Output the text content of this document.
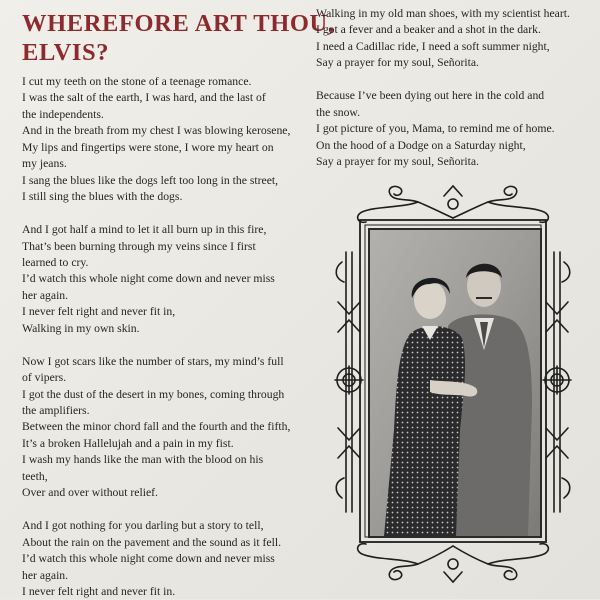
WHEREFORE ART THOU,
ELVIS?

I cut my teeth on the stone of a teenage romance.
I was the salt of the earth, I was hard, and the last of
the independents.
And in the breath from my chest I was blowing kerosene,
My lips and fingertips were stone, I wore my heart on
my jeans.
I sang the blues like the dogs left too long in the street,
I still sing the blues with the dogs.

And I got half a mind to let it all burn up in this fire,
That’s been burning through my veins since I first
learned to cry.
I’d watch this whole night come down and never miss
her again.
I never felt right and never fit in,
Walking in my own skin.

Now I got scars like the number of stars, my mind’s full
of vipers.
I got the dust of the desert in my bones, coming through
the amplifiers.
Between the minor chord fall and the fourth and the fifth,
It’s a broken Hallelujah and a pain in my fist.
I wash my hands like the man with the blood on his
teeth,
Over and over without relief.

And I got nothing for you darling but a story to tell,
About the rain on the pavement and the sound as it fell.
I’d watch this whole night come down and never miss
her again.
I never felt right and never fit in.

Walking in my old man shoes, with my scientist heart.
I got a fever and a beaker and a shot in the dark.
I need a Cadillac ride, I need a soft summer night,
Say a prayer for my soul, Señorita.

Because I’ve been dying out here in the cold and
the snow.
I got picture of you, Mama, to remind me of home.
On the hood of a Dodge on a Saturday night,
Say a prayer for my soul, Señorita.
